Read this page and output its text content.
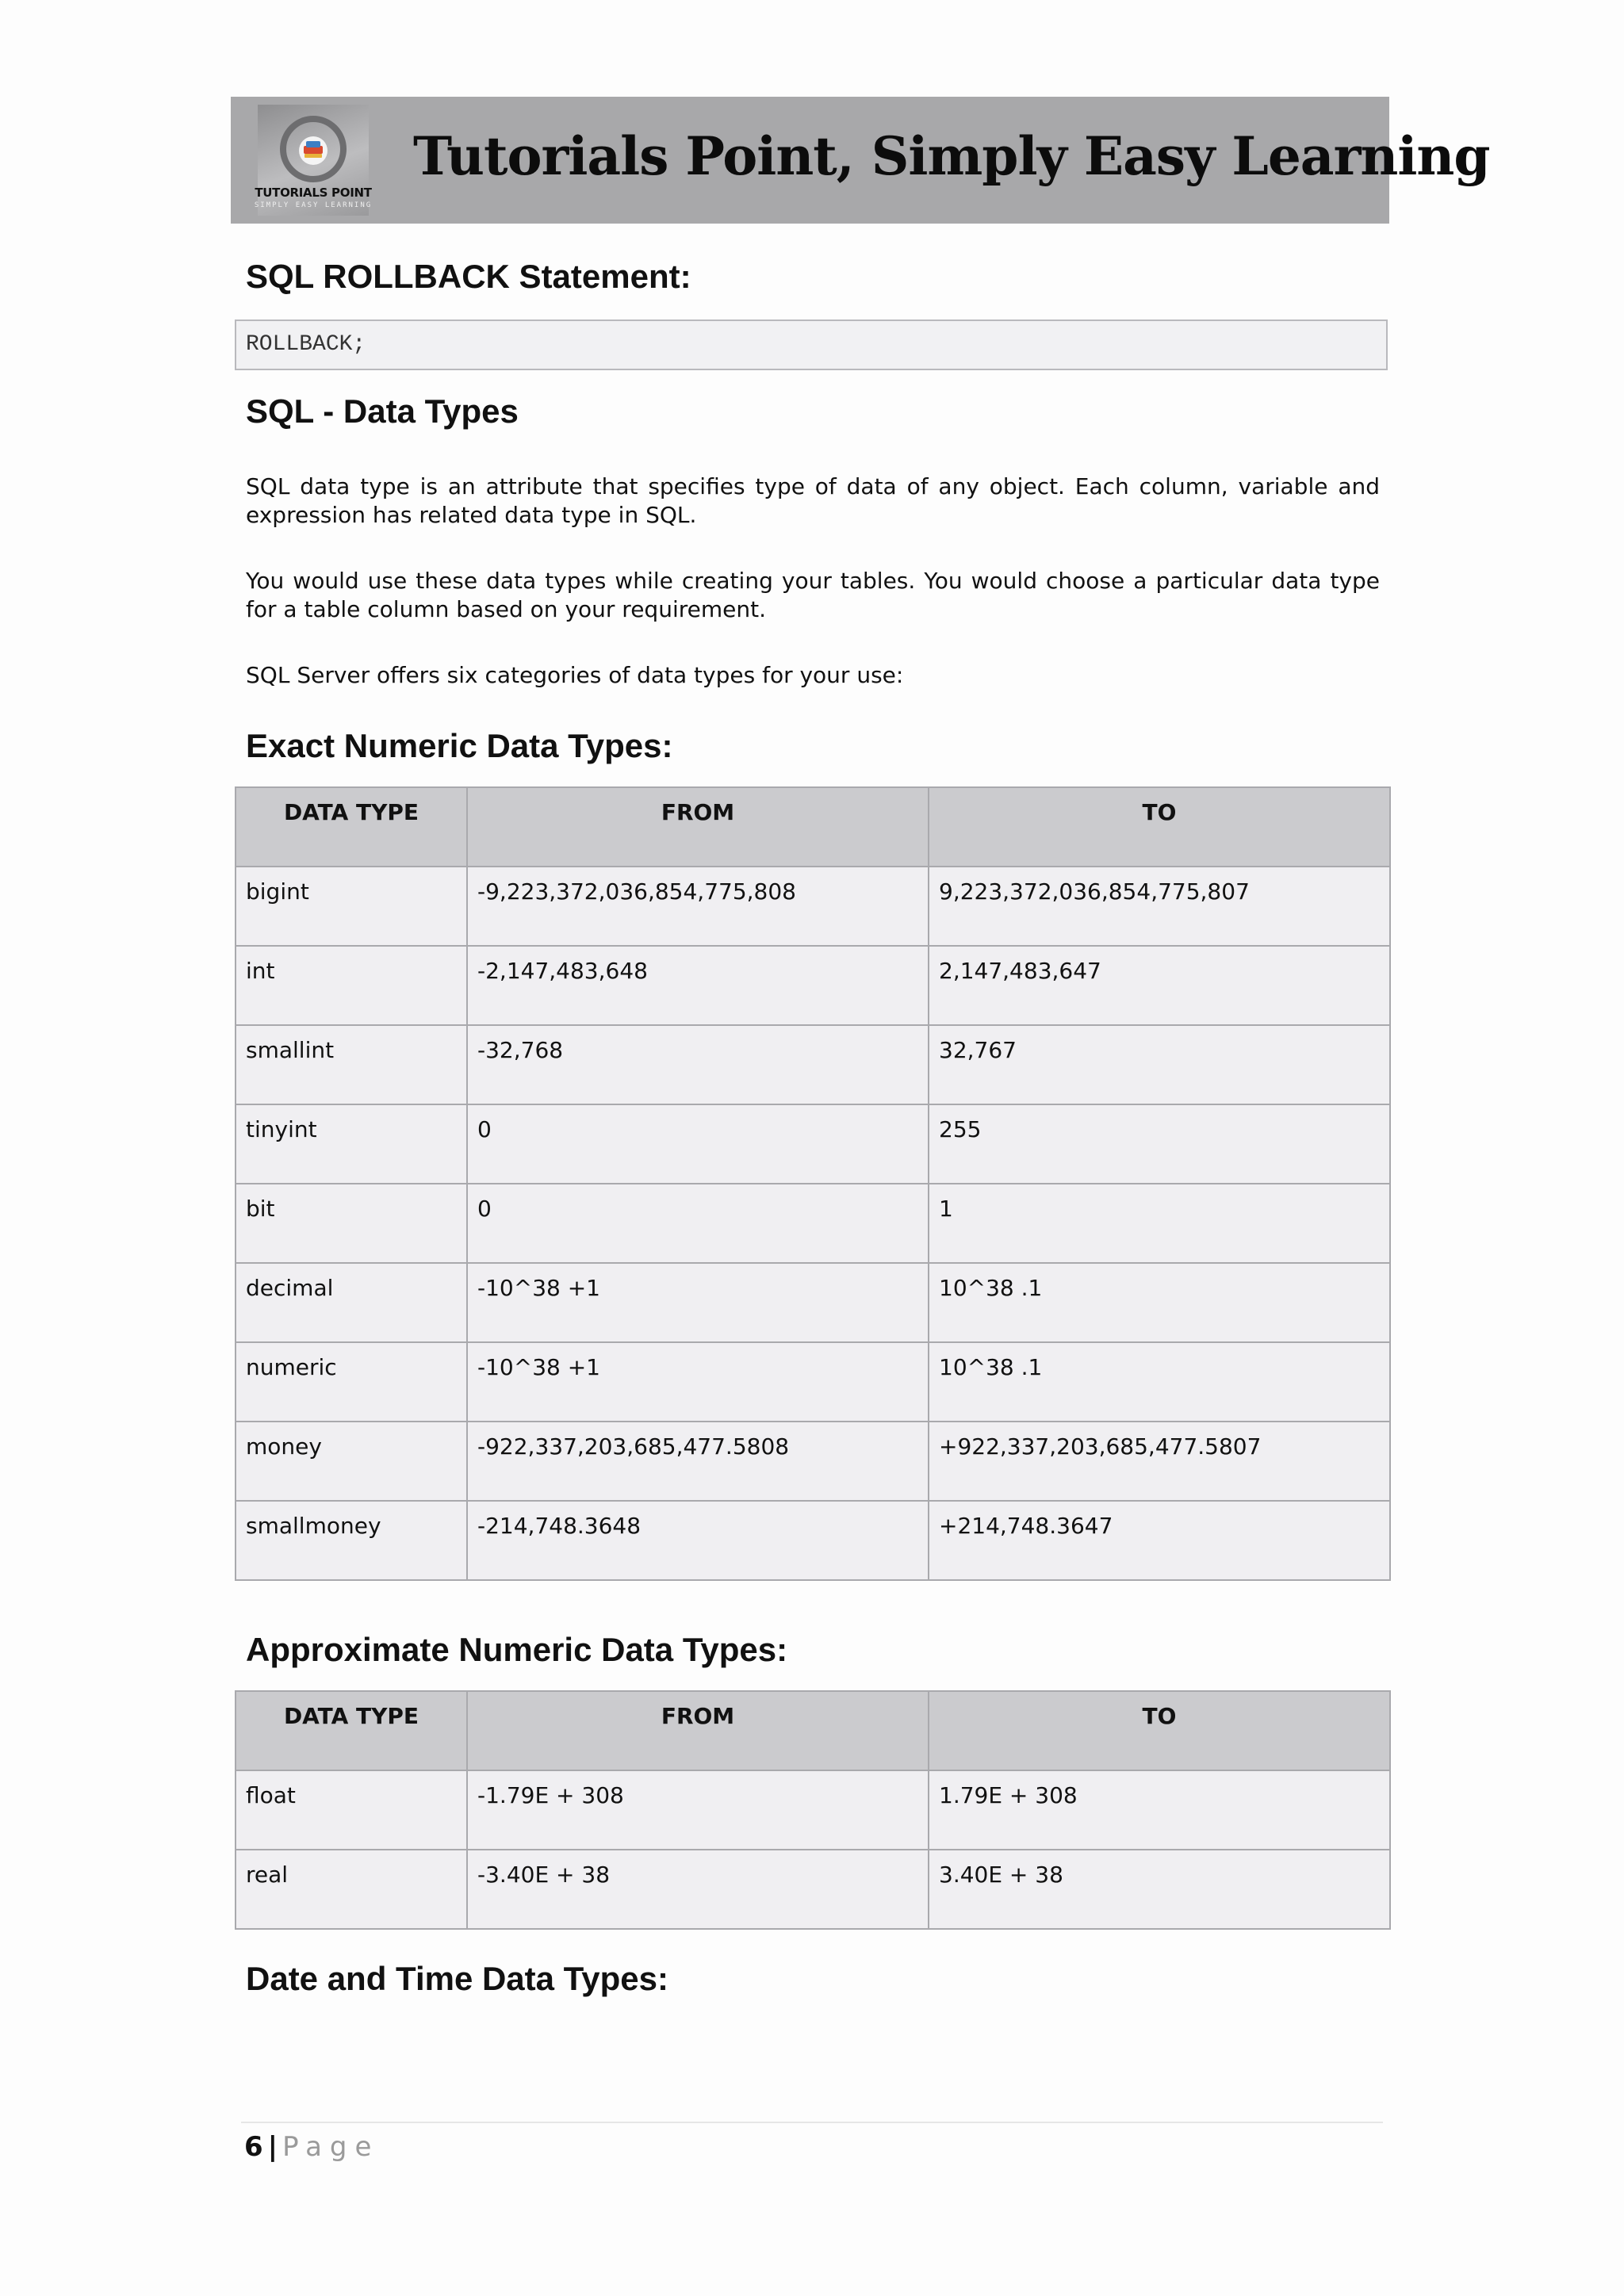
TUTORIALS POINT
SIMPLY EASY LEARNING
Tutorials Point, Simply Easy Learning
SQL ROLLBACK Statement:
ROLLBACK;
SQL - Data Types

SQL data type is an attribute that specifies type of data of any object. Each column, variable and expression has related data type in SQL.

You would use these data types while creating your tables. You would choose a particular data type for a table column based on your requirement.

SQL Server offers six categories of data types for your use:

Exact Numeric Data Types:
DATA TYPE	FROM	TO
bigint	-9,223,372,036,854,775,808	9,223,372,036,854,775,807
int	-2,147,483,648	2,147,483,647
smallint	-32,768	32,767
tinyint	0	255
bit	0	1
decimal	-10^38 +1	10^38 .1
numeric	-10^38 +1	10^38 .1
money	-922,337,203,685,477.5808	+922,337,203,685,477.5807
smallmoney	-214,748.3648	+214,748.3647
Approximate Numeric Data Types:
DATA TYPE	FROM	TO
float	-1.79E + 308	1.79E + 308
real	-3.40E + 38	3.40E + 38
Date and Time Data Types:
6 | Page
